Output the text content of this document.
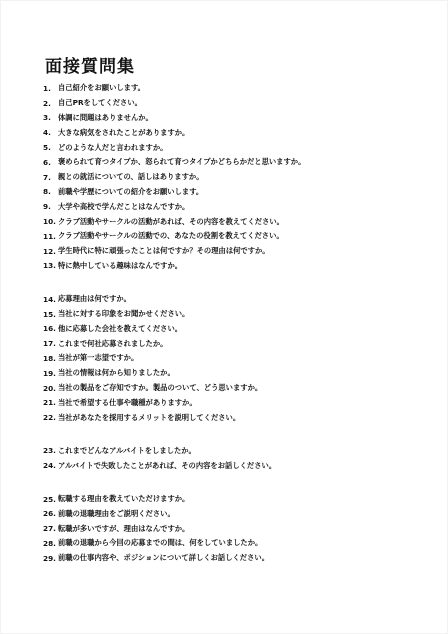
面接質問集
1. 自己紹介をお願いします。
2. 自己PRをしてください。
3. 体調に問題はありませんか。
4. 大きな病気をされたことがありますか。
5. どのような人だと言われますか。
6. 褒められて育つタイプか、怒られて育つタイプかどちらかだと思いますか。
7. 親との就活についての、話しはありますか。
8. 前職や学歴についての紹介をお願いします。
9. 大学や高校で学んだことはなんですか。
10. クラブ活動やサークルの活動があれば、その内容を教えてください。
11. クラブ活動やサークルの活動での、あなたの役割を教えてください。
12. 学生時代に特に頑張ったことは何ですか？その理由は何ですか。
13. 特に熱中している趣味はなんですか。
14. 応募理由は何ですか。
15. 当社に対する印象をお聞かせください。
16. 他に応募した会社を教えてください。
17. これまで何社応募されましたか。
18. 当社が第一志望ですか。
19. 当社の情報は何から知りましたか。
20. 当社の製品をご存知ですか。製品のついて、どう思いますか。
21. 当社で希望する仕事や職種がありますか。
22. 当社があなたを採用するメリットを説明してください。
23. これまでどんなアルバイトをしましたか。
24. アルバイトで失敗したことがあれば、その内容をお話しください。
25. 転職する理由を教えていただけますか。
26. 前職の退職理由をご説明ください。
27. 転職が多いですが、理由はなんですか。
28. 前職の退職から今回の応募までの間は、何をしていましたか。
29. 前職の仕事内容や、ポジションについて詳しくお話しください。
